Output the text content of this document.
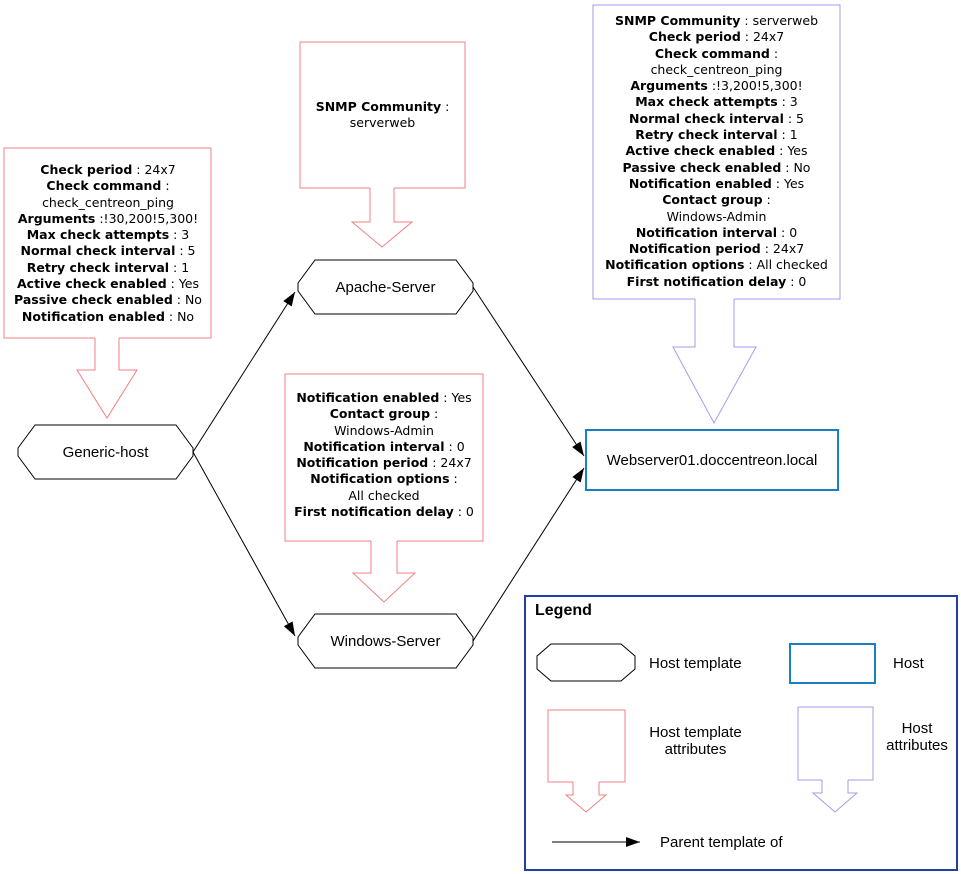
Check period : 24x7
Check command :
check_centreon_ping
Arguments :!30,200!5,300!
Max check attempts : 3
Normal check interval : 5
Retry check interval : 1
Active check enabled : Yes
Passive check enabled : No
Notification enabled : No
SNMP Community :
serverweb
Notification enabled : Yes
Contact group :
Windows-Admin
Notification interval : 0
Notification period : 24x7
Notification options :
All checked
First notification delay : 0
SNMP Community : serverweb
Check period : 24x7
Check command :
check_centreon_ping
Arguments :!3,200!5,300!
Max check attempts : 3
Normal check interval : 5
Retry check interval : 1
Active check enabled : Yes
Passive check enabled : No
Notification enabled : Yes
Contact group :
Windows-Admin
Notification interval : 0
Notification period : 24x7
Notification options : All checked
First notification delay : 0
Generic-host
Apache-Server
Windows-Server
Webserver01.doccentreon.local
Legend
Host template	Host
Host template attributes
Host attributes
Parent template of
